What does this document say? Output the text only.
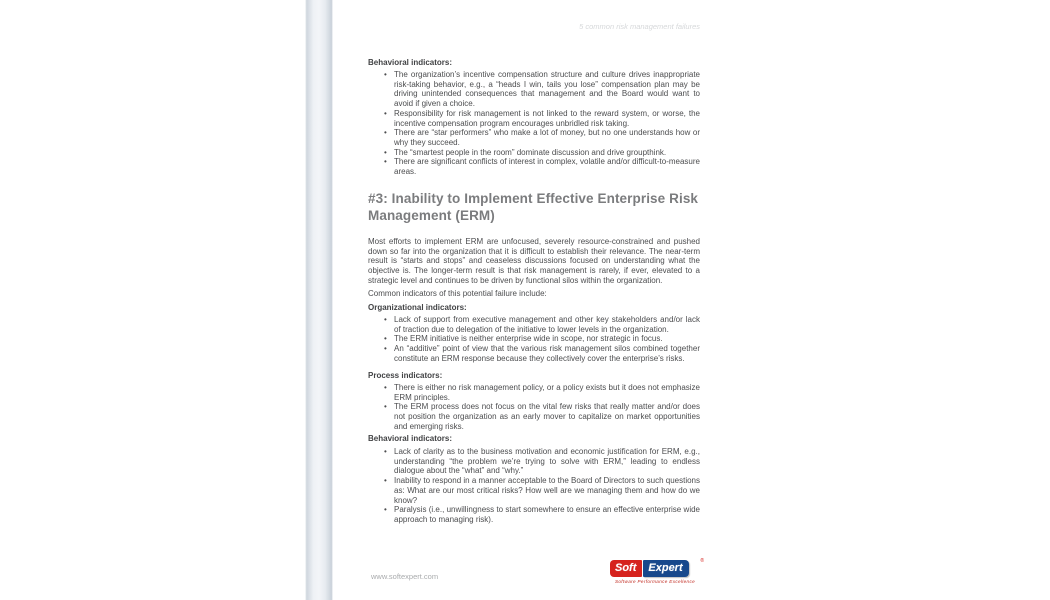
5 common risk management failures
Behavioral indicators:
• The organization’s incentive compensation structure and culture drives inappropriate risk-taking behavior, e.g., a “heads I win, tails you lose” compensation plan may be driving unintended consequences that management and the Board would want to avoid if given a choice.
• Responsibility for risk management is not linked to the reward system, or worse, the incentive compensation program encourages unbridled risk taking.
• There are “star performers” who make a lot of money, but no one understands how or why they succeed.
• The “smartest people in the room” dominate discussion and drive groupthink.
• There are significant conflicts of interest in complex, volatile and/or difficult-to-measure areas.
#3: Inability to Implement Effective Enterprise Risk Management (ERM)

Most efforts to implement ERM are unfocused, severely resource-constrained and pushed down so far into the organization that it is difficult to establish their relevance. The near-term result is “starts and stops” and ceaseless discussions focused on understanding what the objective is. The longer-term result is that risk management is rarely, if ever, elevated to a strategic level and continues to be driven by functional silos within the organization.

Common indicators of this potential failure include:
Organizational indicators:
• Lack of support from executive management and other key stakeholders and/or lack of traction due to delegation of the initiative to lower levels in the organization.
• The ERM initiative is neither enterprise wide in scope, nor strategic in focus.
• An “additive” point of view that the various risk management silos combined together constitute an ERM response because they collectively cover the enterprise’s risks.
Process indicators:
• There is either no risk management policy, or a policy exists but it does not emphasize ERM principles.
• The ERM process does not focus on the vital few risks that really matter and/or does not position the organization as an early mover to capitalize on market opportunities and emerging risks.
Behavioral indicators:
• Lack of clarity as to the business motivation and economic justification for ERM, e.g., understanding “the problem we’re trying to solve with ERM,” leading to endless dialogue about the “what” and “why.”
• Inability to respond in a manner acceptable to the Board of Directors to such questions as: What are our most critical risks? How well are we managing them and how do we know?
• Paralysis (i.e., unwillingness to start somewhere to ensure an effective enterprise wide approach to managing risk).
www.softexpert.com
Soft	Expert
®
Software Performance Excellence
